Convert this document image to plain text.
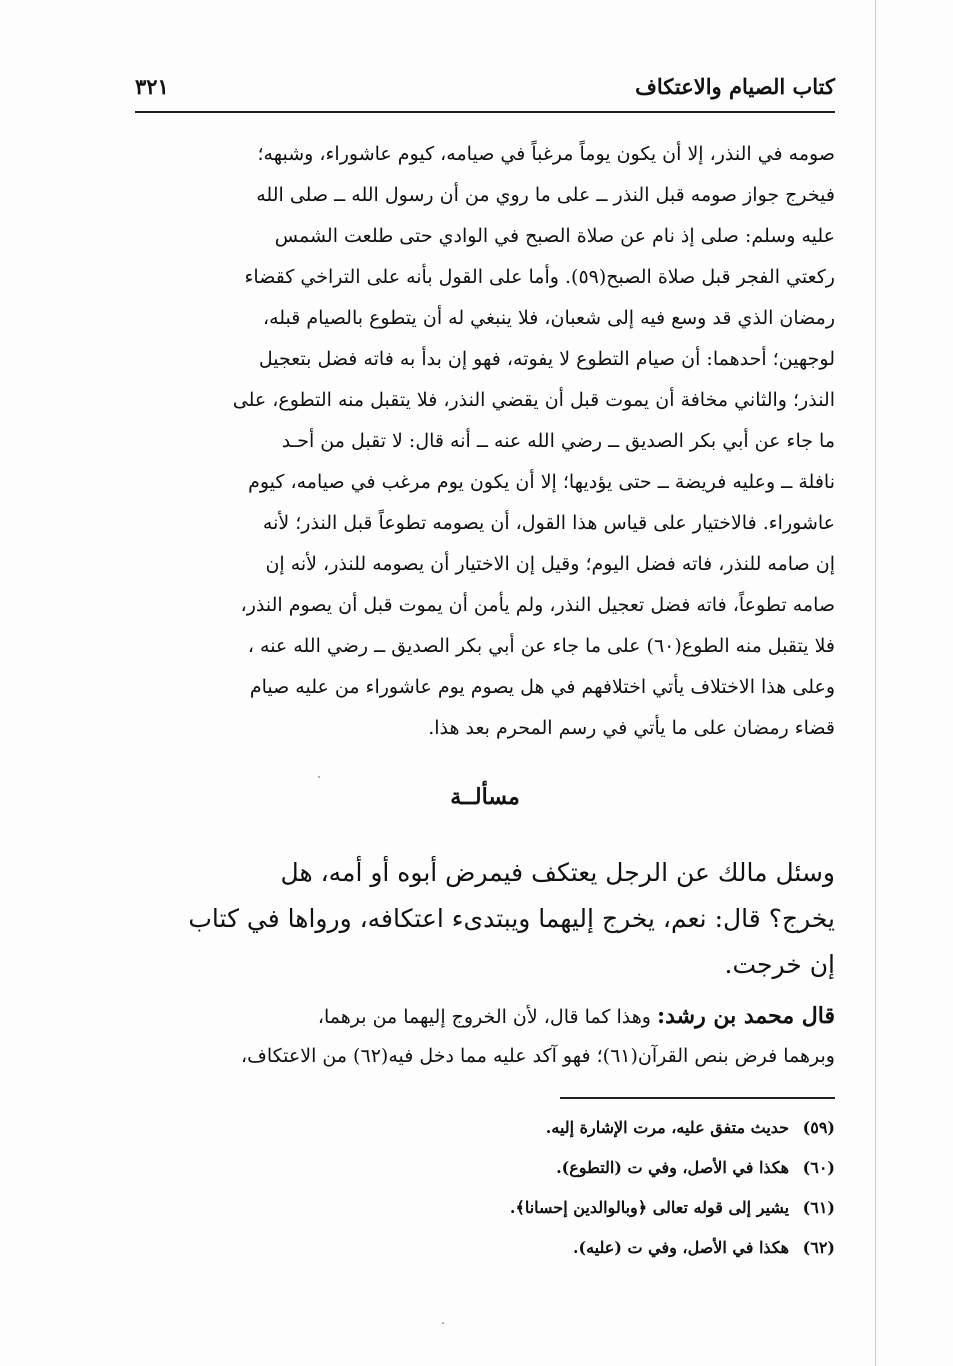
كتاب الصيام والاعتكاف
٣٢١
صومه في النذر، إلا أن يكون يوماً مرغباً في صيامه، كيوم عاشوراء، وشبهه؛
فيخرج جواز صومه قبل النذر ــ على ما روي من أن رسول الله ــ صلى الله
عليه وسلم: صلى إذ نام عن صلاة الصبح في الوادي حتى طلعت الشمس
ركعتي الفجر قبل صلاة الصبح(٥٩). وأما على القول بأنه على التراخي كقضاء
رمضان الذي قد وسع فيه إلى شعبان، فلا ينبغي له أن يتطوع بالصيام قبله،
لوجهين؛ أحدهما: أن صيام التطوع لا يفوته، فهو إن بدأ به فاته فضل بتعجيل
النذر؛ والثاني مخافة أن يموت قبل أن يقضي النذر، فلا يتقبل منه التطوع، على
ما جاء عن أبي بكر الصديق ــ رضي الله عنه ــ أنه قال: لا تقبل من أحـد
نافلة ــ وعليه فريضة ــ حتى يؤديها؛ إلا أن يكون يوم مرغب في صيامه، كيوم
عاشوراء. فالاختيار على قياس هذا القول، أن يصومه تطوعاً قبل النذر؛ لأنه
إن صامه للنذر، فاته فضل اليوم؛ وقيل إن الاختيار أن يصومه للنذر، لأنه إن
صامه تطوعاً، فاته فضل تعجيل النذر، ولم يأمن أن يموت قبل أن يصوم النذر،
فلا يتقبل منه الطوع(٦٠) على ما جاء عن أبي بكر الصديق ــ رضي الله عنه ،
وعلى هذا الاختلاف يأتي اختلافهم في هل يصوم يوم عاشوراء من عليه صيام
قضاء رمضان على ما يأتي في رسم المحرم بعد هذا.
مسألــة
وسئل مالك عن الرجل يعتكف فيمرض أبوه أو أمه، هل
يخرج؟ قال: نعم، يخرج إليهما ويبتدىء اعتكافه، ورواها في كتاب
إن خرجت.
قال محمد بن رشد: وهذا كما قال، لأن الخروج إليهما من برهما،
وبرهما فرض بنص القرآن(٦١)؛ فهو آكد عليه مما دخل فيه(٦٢) من الاعتكاف،
(٥٩) حديث متفق عليه، مرت الإشارة إليه.
(٦٠) هكذا في الأصل، وفي ت (التطوع).
(٦١) يشير إلى قوله تعالى ﴿وبالوالدين إحسانا﴾.
(٦٢) هكذا في الأصل، وفي ت (عليه).
